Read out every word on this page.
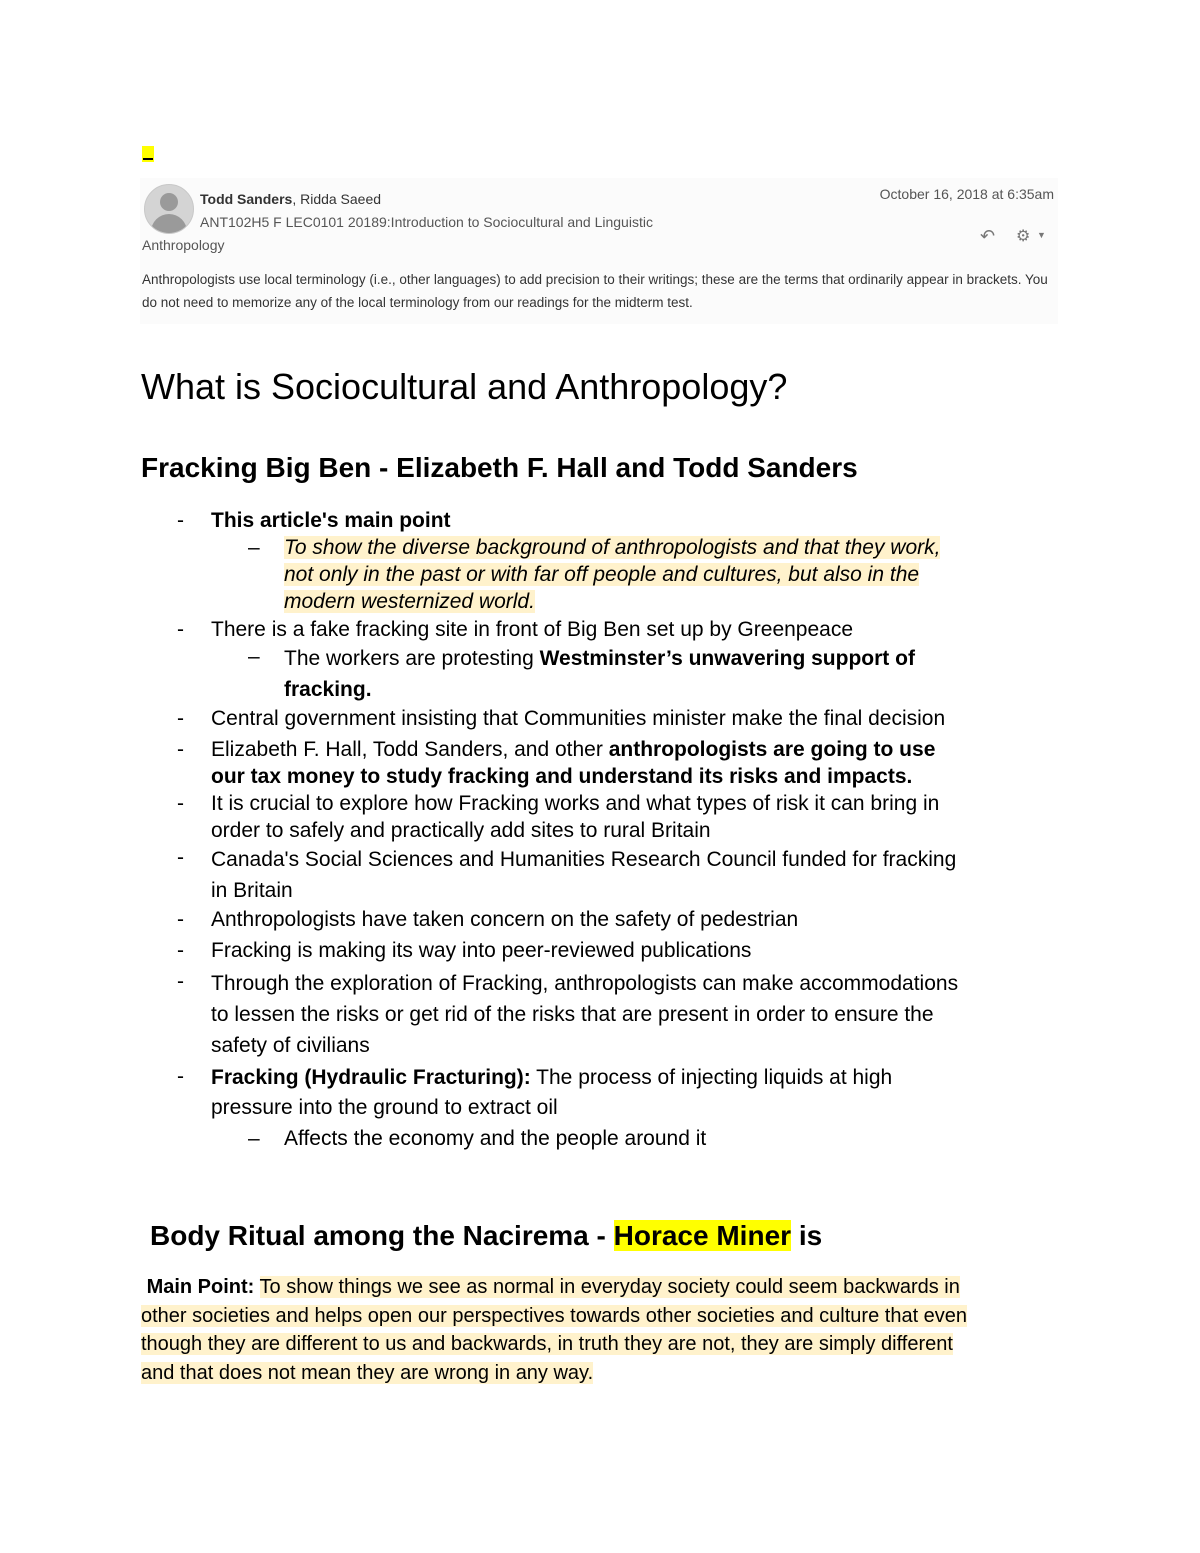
Todd Sanders, Ridda Saeed
ANT102H5 F LEC0101 20189:Introduction to Sociocultural and Linguistic
Anthropology
October 16, 2018 at 6:35am
↶ ⚙ ▼
Anthropologists use local terminology (i.e., other languages) to add precision to their writings; these are the terms that ordinarily appear in brackets. You do not need to memorize any of the local terminology from our readings for the midterm test.
What is Sociocultural and Anthropology?
Fracking Big Ben - Elizabeth F. Hall and Todd Sanders
- This article's main point
– To show the diverse background of anthropologists and that they work,
not only in the past or with far off people and cultures, but also in the
modern westernized world.
- There is a fake fracking site in front of Big Ben set up by Greenpeace
– The workers are protesting Westminster’s unwavering support of
fracking.
- Central government insisting that Communities minister make the final decision
- Elizabeth F. Hall, Todd Sanders, and other anthropologists are going to use
our tax money to study fracking and understand its risks and impacts.
- It is crucial to explore how Fracking works and what types of risk it can bring in
order to safely and practically add sites to rural Britain
- Canada's Social Sciences and Humanities Research Council funded for fracking
in Britain
- Anthropologists have taken concern on the safety of pedestrian
- Fracking is making its way into peer-reviewed publications
- Through the exploration of Fracking, anthropologists can make accommodations
to lessen the risks or get rid of the risks that are present in order to ensure the
safety of civilians
- Fracking (Hydraulic Fracturing): The process of injecting liquids at high
pressure into the ground to extract oil
– Affects the economy and the people around it
Body Ritual among the Nacirema - Horace Miner is
Main Point: To show things we see as normal in everyday society could seem backwards in
other societies and helps open our perspectives towards other societies and culture that even
though they are different to us and backwards, in truth they are not, they are simply different
and that does not mean they are wrong in any way.
